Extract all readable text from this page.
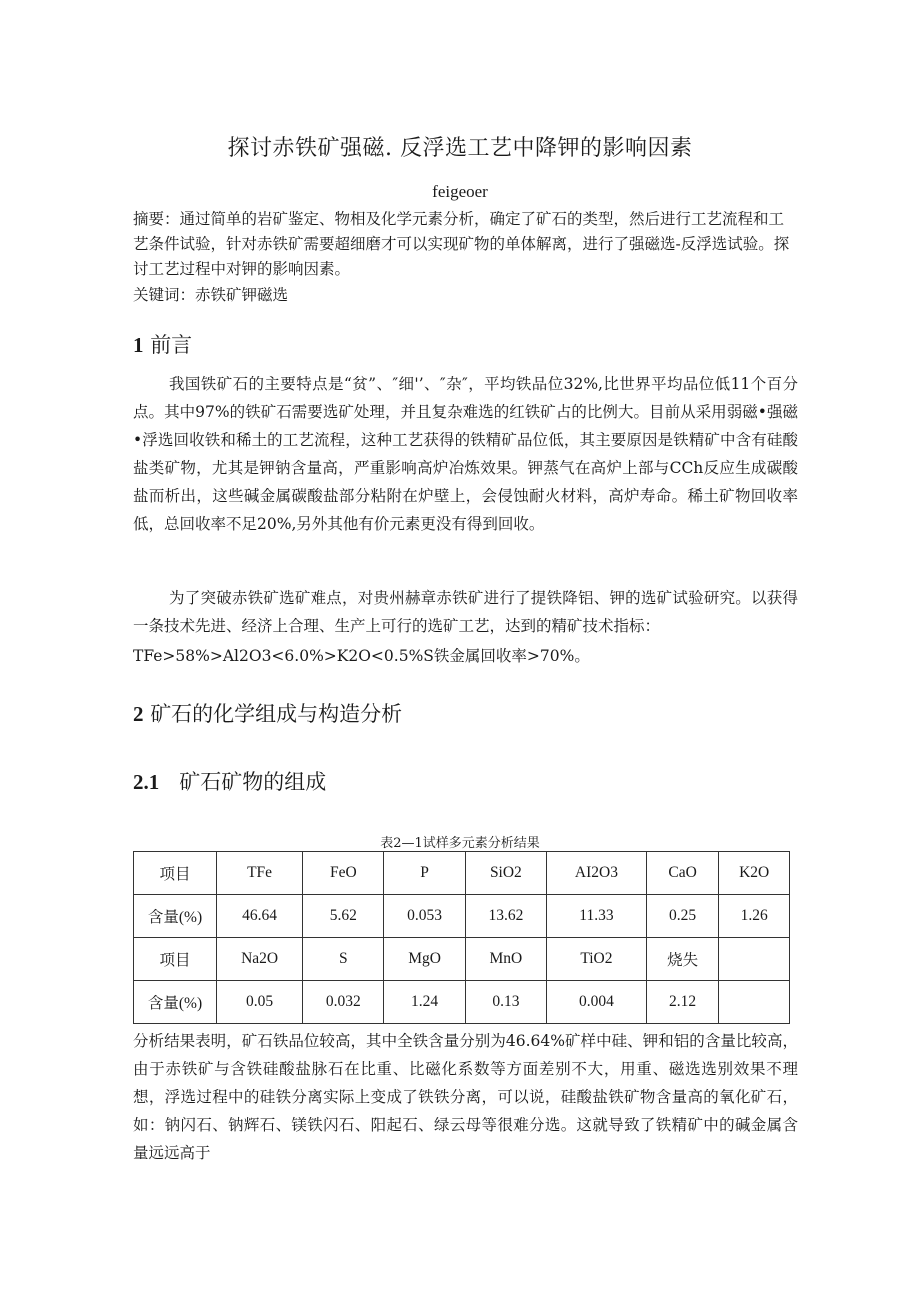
探讨赤铁矿强磁. 反浮选工艺中降钾的影响因素
feigeoer
摘要：通过简单的岩矿鉴定、物相及化学元素分析，确定了矿石的类型，然后进行工艺流程和工艺条件试验，针对赤铁矿需要超细磨才可以实现矿物的单体解离，进行了强磁选-反浮选试验。探讨工艺过程中对钾的影响因素。
关键词：赤铁矿钾磁选
1 前言
我国铁矿石的主要特点是“贫”、″细'’、″杂″，平均铁品位32%,比世界平均品位低11个百分点。其中97%的铁矿石需要选矿处理，并且复杂难选的红铁矿占的比例大。目前从采用弱磁•强磁•浮选回收铁和稀土的工艺流程，这种工艺获得的铁精矿品位低，其主要原因是铁精矿中含有硅酸盐类矿物，尤其是钾钠含量高，严重影响高炉冶炼效果。钾蒸气在高炉上部与CCh反应生成碳酸盐而析出，这些碱金属碳酸盐部分粘附在炉壁上，会侵蚀耐火材料，高炉寿命。稀土矿物回收率低，总回收率不足20%,另外其他有价元素更没有得到回收。
为了突破赤铁矿选矿难点，对贵州赫章赤铁矿进行了提铁降铝、钾的选矿试验研究。以获得一条技术先进、经济上合理、生产上可行的选矿工艺，达到的精矿技术指标：
TFe>58%>Al2O3<6.0%>K2O<0.5%S铁金属回收率>70%。
2 矿石的化学组成与构造分析
2.1 矿石矿物的组成
表2—1试样多元素分析结果
项目	TFe	FeO	P	SiO2	AI2O3	CaO	K2O
含量(%)	46.64	5.62	0.053	13.62	11.33	0.25	1.26
项目	Na2O	S	MgO	MnO	TiO2	烧失	
含量(%)	0.05	0.032	1.24	0.13	0.004	2.12	
分析结果表明，矿石铁品位较高，其中全铁含量分别为46.64%矿样中硅、钾和铝的含量比较高，由于赤铁矿与含铁硅酸盐脉石在比重、比磁化系数等方面差别不大，用重、磁选选别效果不理想，浮选过程中的硅铁分离实际上变成了铁铁分离，可以说，硅酸盐铁矿物含量高的氧化矿石，如：钠闪石、钠辉石、镁铁闪石、阳起石、绿云母等很难分选。这就导致了铁精矿中的碱金属含量远远高于
